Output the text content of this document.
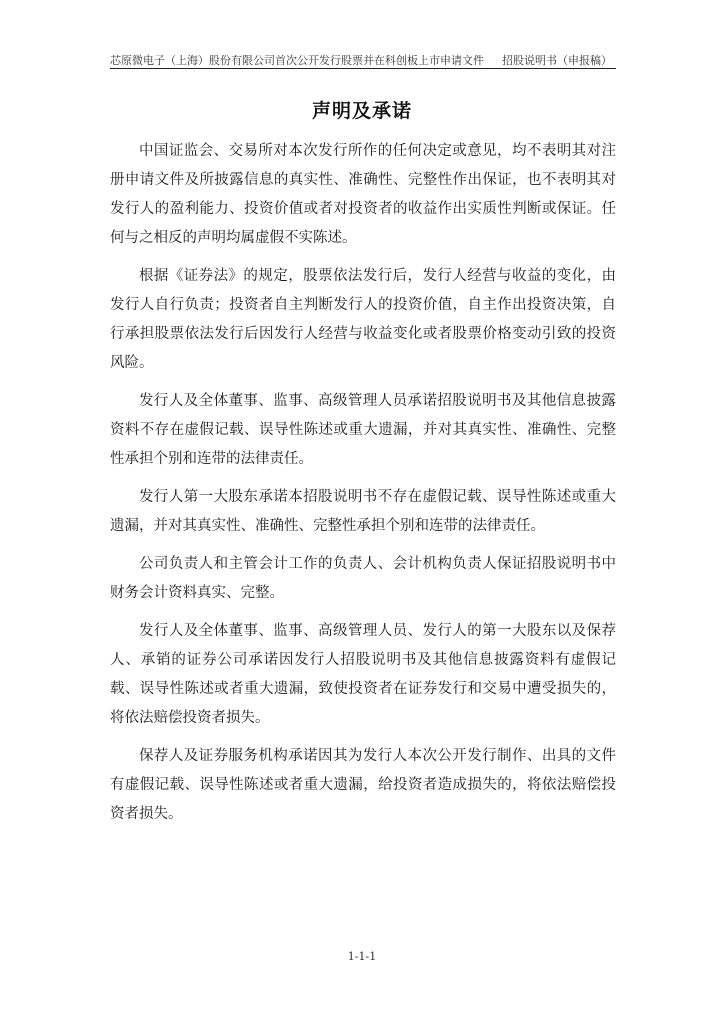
芯原微电子（上海）股份有限公司首次公开发行股票并在科创板上市申请文件 招股说明书（申报稿）
声明及承诺

中国证监会、交易所对本次发行所作的任何决定或意见，均不表明其对注册申请文件及所披露信息的真实性、准确性、完整性作出保证，也不表明其对发行人的盈利能力、投资价值或者对投资者的收益作出实质性判断或保证。任何与之相反的声明均属虚假不实陈述。

根据《证券法》的规定，股票依法发行后，发行人经营与收益的变化，由发行人自行负责；投资者自主判断发行人的投资价值，自主作出投资决策，自行承担股票依法发行后因发行人经营与收益变化或者股票价格变动引致的投资风险。

发行人及全体董事、监事、高级管理人员承诺招股说明书及其他信息披露资料不存在虚假记载、误导性陈述或重大遗漏，并对其真实性、准确性、完整性承担个别和连带的法律责任。

发行人第一大股东承诺本招股说明书不存在虚假记载、误导性陈述或重大遗漏，并对其真实性、准确性、完整性承担个别和连带的法律责任。

公司负责人和主管会计工作的负责人、会计机构负责人保证招股说明书中财务会计资料真实、完整。

发行人及全体董事、监事、高级管理人员、发行人的第一大股东以及保荐人、承销的证券公司承诺因发行人招股说明书及其他信息披露资料有虚假记载、误导性陈述或者重大遗漏，致使投资者在证券发行和交易中遭受损失的，将依法赔偿投资者损失。

保荐人及证券服务机构承诺因其为发行人本次公开发行制作、出具的文件有虚假记载、误导性陈述或者重大遗漏，给投资者造成损失的，将依法赔偿投资者损失。

1-1-1
